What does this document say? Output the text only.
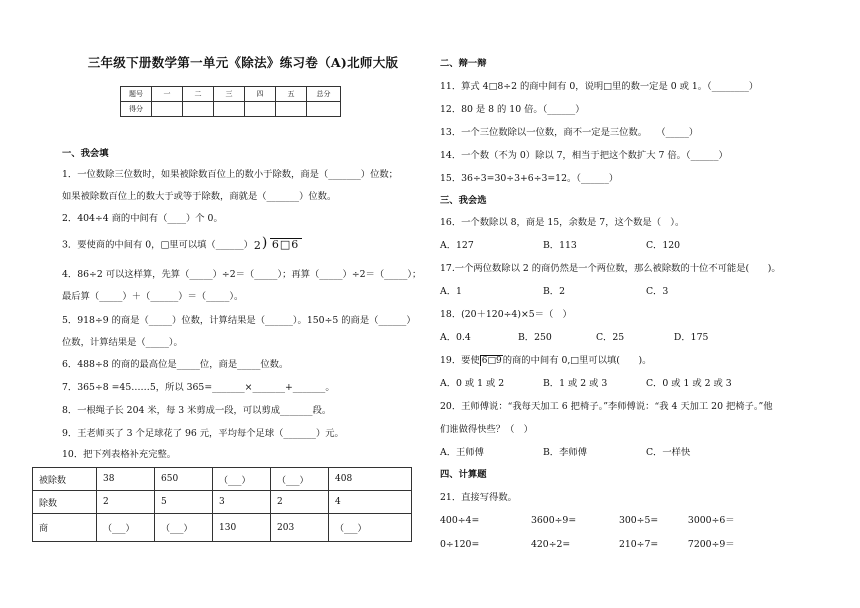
三年级下册数学第一单元《除法》练习卷（A)北师大版
题号	一	二	三	四	五	总分
得分						
一、我会填
1．一位数除三位数时，如果被除数百位上的数小于除数，商是（_______）位数；
如果被除数百位上的数大于或等于除数，商就是（_______）位数。
2．404÷4 商的中间有（____）个 0。
3．要使商的中间有 0，□里可以填（______） 2 ) 6□6
4．86÷2 可以这样算，先算（_____）÷2＝（_____）；再算（_____）÷2＝（_____）；
最后算（_____）＋（______）＝（_____）。
5．918÷9 的商是（_____）位数，计算结果是（______）。150÷5 的商是（______）
位数，计算结果是（_____）。
6．488÷8 的商的最高位是_____位，商是_____位数。
7．365÷8 =45……5，所以 365=_______×_______+_______。
8．一根绳子长 204 米，每 3 米剪成一段，可以剪成_______段。
9．王老师买了 3 个足球花了 96 元，平均每个足球（_______）元。
10．把下列表格补充完整。
被除数	38	650	（___）	（___）	408
除数	2	5	3	2	4
商	（___）	（___）	130	203	（___）
二、辩一辩
11．算式 4□8÷2 的商中间有 0，说明□里的数一定是 0 或 1。（________）
12．80 是 8 的 10 倍。（______）
13．一个三位数除以一位数，商不一定是三位数。　　（_____）
14．一个数（不为 0）除以 7，相当于把这个数扩大 7 倍。（______）
15．36÷3=30÷3+6÷3=12。（______）
三、我会选
16．一个数除以 8，商是 15，余数是 7，这个数是（　）。
A．127	B．113	C．120
17.一个两位数除以 2 的商仍然是一个两位数，那么被除数的十位不可能是(　　)。
A．1	B．2	C．3
18．(20＋120÷4)×5＝（　）
A．0.4	B．250	C．25	D．175
19．要使 6□9的商的中间有 0,□里可以填(　　)。
A．0 或 1 或 2	B．1 或 2 或 3	C．0 或 1 或 2 或 3
20．王师傅说：“我每天加工 6 把椅子。”李师傅说：“我 4 天加工 20 把椅子。”他
们谁做得快些？（　）
A．王师傅	B．李师傅	C．一样快
四、计算题
21．直接写得数。
400÷4=	3600÷9=	300÷5=	3000÷6＝
0÷120=	420÷2=	210÷7=	7200÷9＝
